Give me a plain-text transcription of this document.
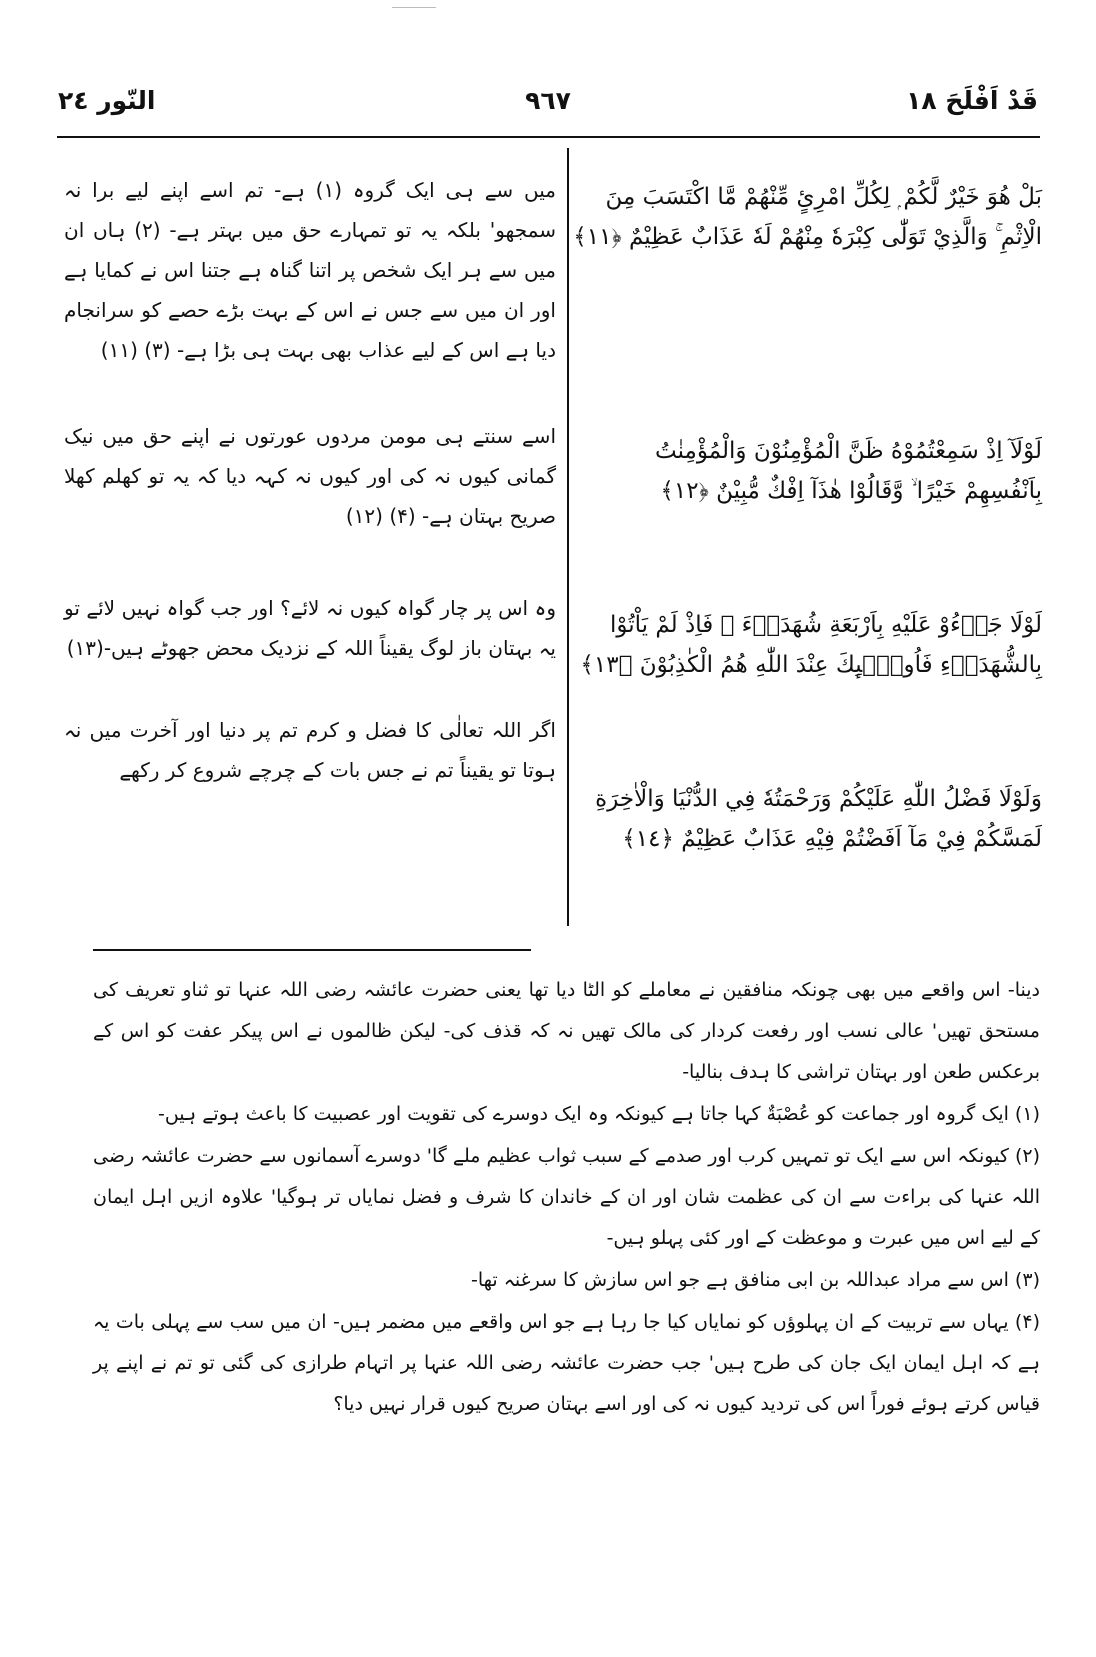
قَدْ اَفْلَحَ ١٨
٩٦٧
النّور ٢٤

بَلْ هُوَ خَيْرٌ لَّكُمْ ۭ لِكُلِّ امْرِئٍ مِّنْهُمْ مَّا اكْتَسَبَ مِنَ الْاِثْمِ ۚ وَالَّذِيْ تَوَلّٰى كِبْرَهٗ مِنْهُمْ لَهٗ عَذَابٌ عَظِيْمٌ ﴿١١﴾

لَوْلَآ اِذْ سَمِعْتُمُوْهُ ظَنَّ الْمُؤْمِنُوْنَ وَالْمُؤْمِنٰتُ بِاَنْفُسِهِمْ خَيْرًا ۙ وَّقَالُوْا هٰذَآ اِفْكٌ مُّبِيْنٌ ﴿١٢﴾

لَوْلَا جَاۗءُوْ عَلَيْهِ بِاَرْبَعَةِ شُهَدَاۗءَ ۚ فَاِذْ لَمْ يَاْتُوْا بِالشُّهَدَاۗءِ فَاُولٰۗىِٕكَ عِنْدَ اللّٰهِ هُمُ الْكٰذِبُوْنَ ﴿١٣﴾

وَلَوْلَا فَضْلُ اللّٰهِ عَلَيْكُمْ وَرَحْمَتُهٗ فِي الدُّنْيَا وَالْاٰخِرَةِ لَمَسَّكُمْ فِيْ مَآ اَفَضْتُمْ فِيْهِ عَذَابٌ عَظِيْمٌ ﴿١٤﴾

میں سے ہی ایک گروہ (۱) ہے- تم اسے اپنے لیے برا نہ سمجھو' بلکہ یہ تو تمہارے حق میں بہتر ہے- (۲) ہاں ان میں سے ہر ایک شخص پر اتنا گناہ ہے جتنا اس نے کمایا ہے اور ان میں سے جس نے اس کے بہت بڑے حصے کو سرانجام دیا ہے اس کے لیے عذاب بھی بہت ہی بڑا ہے- (۳) (۱۱)

اسے سنتے ہی مومن مردوں عورتوں نے اپنے حق میں نیک گمانی کیوں نہ کی اور کیوں نہ کہہ دیا کہ یہ تو کھلم کھلا صریح بہتان ہے- (۴) (۱۲)

وہ اس پر چار گواہ کیوں نہ لائے؟ اور جب گواہ نہیں لائے تو یہ بہتان باز لوگ یقیناً اللہ کے نزدیک محض جھوٹے ہیں-(۱۳)

اگر اللہ تعالٰی کا فضل و کرم تم پر دنیا اور آخرت میں نہ ہوتا تو یقیناً تم نے جس بات کے چرچے شروع کر رکھے

دینا- اس واقعے میں بھی چونکہ منافقین نے معاملے کو الٹا دیا تھا یعنی حضرت عائشہ رضی اللہ عنہا تو ثناو تعریف کی مستحق تھیں' عالی نسب اور رفعت کردار کی مالک تھیں نہ کہ قذف کی- لیکن ظالموں نے اس پیکر عفت کو اس کے برعکس طعن اور بہتان تراشی کا ہدف بنالیا-

(۱) ایک گروہ اور جماعت کو عُصْبَةٌ کہا جاتا ہے کیونکہ وہ ایک دوسرے کی تقویت اور عصبیت کا باعث ہوتے ہیں-

(۲) کیونکہ اس سے ایک تو تمہیں کرب اور صدمے کے سبب ثواب عظیم ملے گا' دوسرے آسمانوں سے حضرت عائشہ رضی اللہ عنہا کی براءت سے ان کی عظمت شان اور ان کے خاندان کا شرف و فضل نمایاں تر ہوگیا' علاوہ ازیں اہل ایمان کے لیے اس میں عبرت و موعظت کے اور کئی پہلو ہیں-

(۳) اس سے مراد عبداللہ بن ابی منافق ہے جو اس سازش کا سرغنہ تھا-

(۴) یہاں سے تربیت کے ان پہلوؤں کو نمایاں کیا جا رہا ہے جو اس واقعے میں مضمر ہیں- ان میں سب سے پہلی بات یہ ہے کہ اہل ایمان ایک جان کی طرح ہیں' جب حضرت عائشہ رضی اللہ عنہا پر اتہام طرازی کی گئی تو تم نے اپنے پر قیاس کرتے ہوئے فوراً اس کی تردید کیوں نہ کی اور اسے بہتان صریح کیوں قرار نہیں دیا؟
